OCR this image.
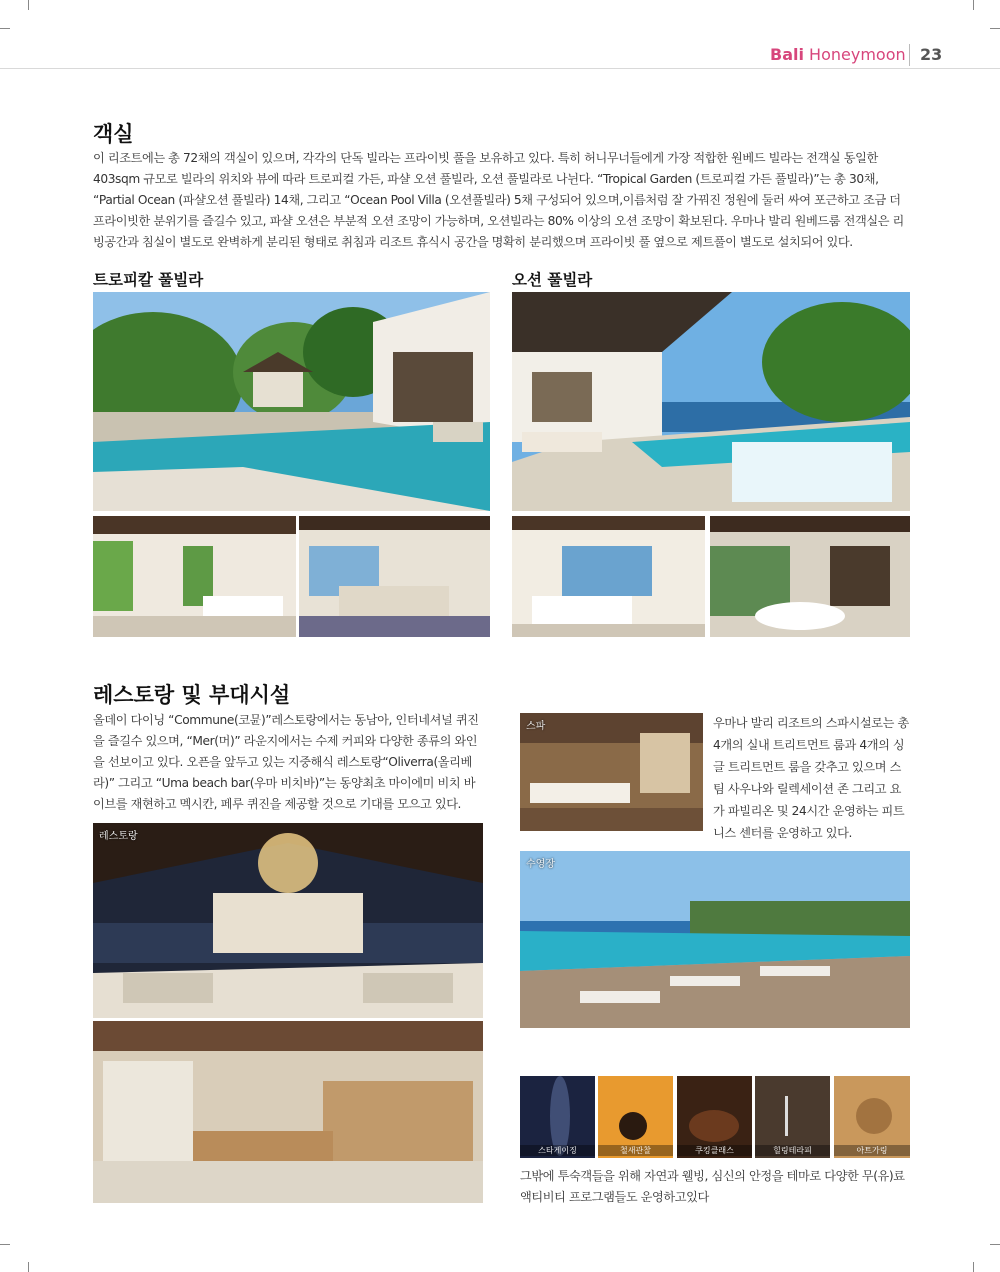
Bali Honeymoon 23
객실
이 리조트에는 총 72채의 객실이 있으며, 각각의 단독 빌라는 프라이빗 풀을 보유하고 있다. 특히 허니무너들에게 가장 적합한 원베드 빌라는 전객실 동일한 403sqm 규모로 빌라의 위치와 뷰에 따라 트로피컬 가든, 파샬 오션 풀빌라, 오션 풀빌라로 나뉜다. “Tropical Garden (트로피컬 가든 풀빌라)”는 총 30채, “Partial Ocean (파샬오션 풀빌라) 14채, 그리고 “Ocean Pool Villa (오션풀빌라) 5채 구성되어 있으며,이름처럼 잘 가꿔진 정원에 둘러 싸여 포근하고 조금 더 프라이빗한 분위기를 즐길수 있고, 파샬 오션은 부분적 오션 조망이 가능하며, 오션빌라는 80% 이상의 오션 조망이 확보된다. 우마나 발리 원베드룸 전객실은 리빙공간과 침실이 별도로 완벽하게 분리된 형태로 취침과 리조트 휴식시 공간을 명확히 분리했으며 프라이빗 풀 옆으로 제트풀이 별도로 설치되어 있다.
트로피칼 풀빌라	오션 풀빌라
레스토랑 및 부대시설
올데이 다이닝 “Commune(코뮨)”레스토랑에서는 동남아, 인터네셔널 퀴진을 즐길수 있으며, “Mer(머)” 라운지에서는 수제 커피와 다양한 종류의 와인을 선보이고 있다. 오픈을 앞두고 있는 지중해식 레스토랑“Oliverra(올리베라)” 그리고 “Uma beach bar(우마 비치바)”는 동양최초 마이에미 비치 바이브를 재현하고 멕시칸, 페루 퀴진을 제공할 것으로 기대를 모으고 있다.
레스토랑
스파	우마나 발리 리조트의 스파시설로는 총 4개의 실내 트리트먼트 룸과 4개의 싱글 트리트먼트 룸을 갖추고 있으며 스팀 사우나와 릴렉세이션 존 그리고 요가 파빌리온 및 24시간 운영하는 피트니스 센터를 운영하고 있다.
수영장
스타게이징	철새관찰	쿠킹클래스	힐링테라피	아트가링
그밖에 투숙객들을 위해 자연과 웰빙, 심신의 안정을 테마로 다양한 무(유)료 액티비티 프로그램들도 운영하고있다
